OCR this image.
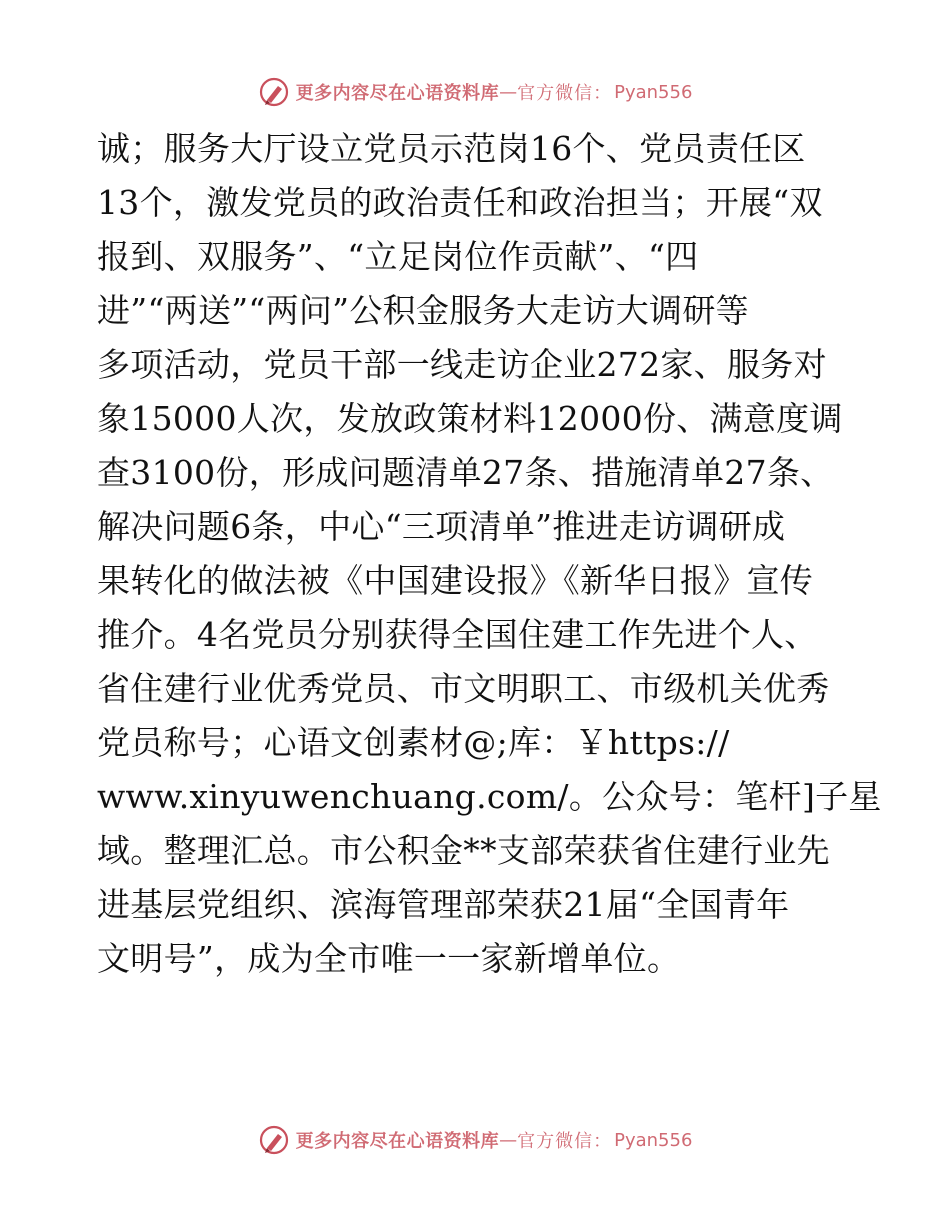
更多内容尽在心语资料库 — 官方微信： Pyan556
诚；服务大厅设立党员示范岗16个、党员责任区
13个，激发党员的政治责任和政治担当；开展“双
报到、双服务”、“立足岗位作贡献”、“四
进”“两送”“两问”公积金服务大走访大调研等
多项活动，党员干部一线走访企业272家、服务对
象15000人次，发放政策材料12000份、满意度调
查3100份，形成问题清单27条、措施清单27条、
解决问题6条，中心“三项清单”推进走访调研成
果转化的做法被《中国建设报》《新华日报》宣传
推介。4名党员分别获得全国住建工作先进个人、
省住建行业优秀党员、市文明职工、市级机关优秀
党员称号；心语文创素材@;库：￥https://
www.xinyuwenchuang.com/。公众号：笔杆]子星
域。整理汇总。市公积金**支部荣获省住建行业先
进基层党组织、滨海管理部荣获21届“全国青年
文明号”，成为全市唯一一家新增单位。
更多内容尽在心语资料库 — 官方微信： Pyan556
